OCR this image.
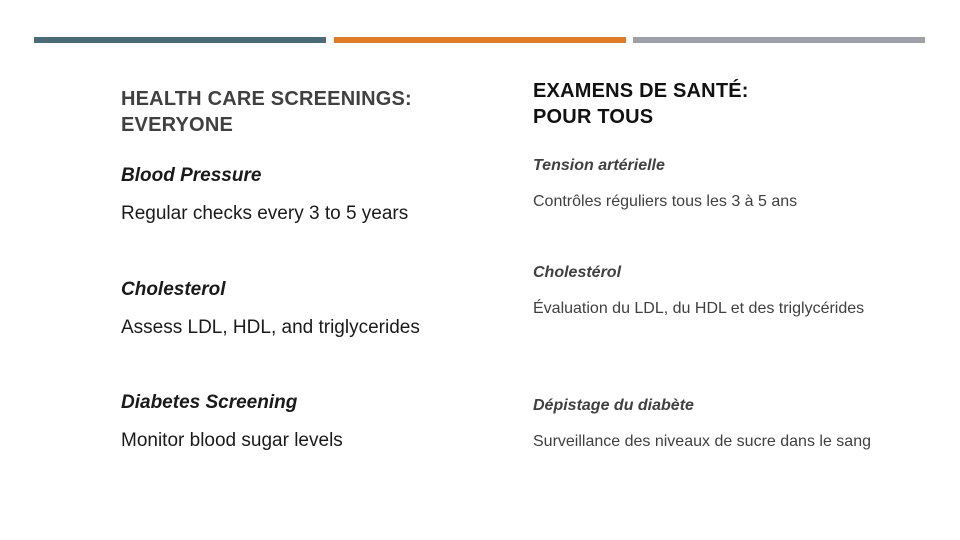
HEALTH CARE SCREENINGS:
EVERYONE

Blood Pressure

Regular checks every 3 to 5 years

Cholesterol

Assess LDL, HDL, and triglycerides

Diabetes Screening

Monitor blood sugar levels

EXAMENS DE SANTÉ:
POUR TOUS

Tension artérielle

Contrôles réguliers tous les 3 à 5 ans

Cholestérol

Évaluation du LDL, du HDL et des triglycérides

Dépistage du diabète

Surveillance des niveaux de sucre dans le sang
